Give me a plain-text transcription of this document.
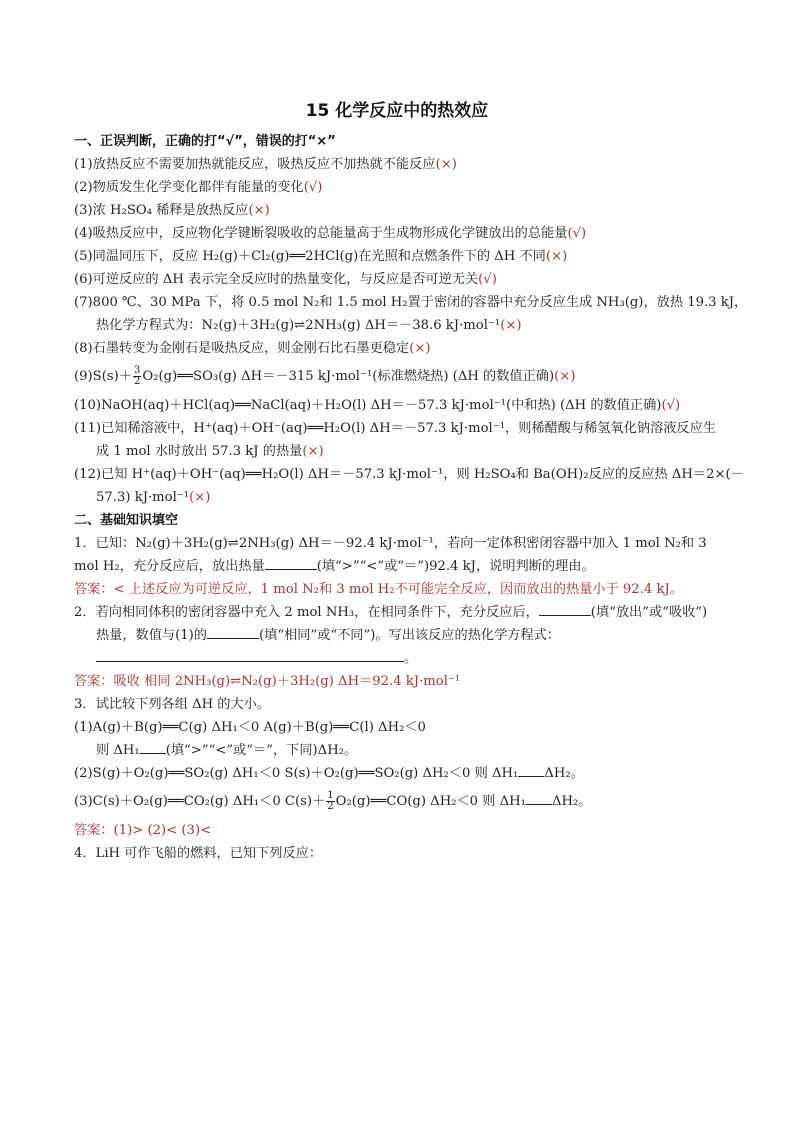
15 化学反应中的热效应
一、正误判断，正确的打“√”，错误的打“×”
(1)放热反应不需要加热就能反应，吸热反应不加热就不能反应(×)
(2)物质发生化学变化都伴有能量的变化(√)
(3)浓 H₂SO₄ 稀释是放热反应(×)
(4)吸热反应中，反应物化学键断裂吸收的总能量高于生成物形成化学键放出的总能量(√)
(5)同温同压下，反应 H₂(g)＋Cl₂(g)══2HCl(g)在光照和点燃条件下的 ΔH 不同(×)
(6)可逆反应的 ΔH 表示完全反应时的热量变化，与反应是否可逆无关(√)
(7)800 ℃、30 MPa 下，将 0.5 mol N₂和 1.5 mol H₂置于密闭的容器中充分反应生成 NH₃(g)，放热 19.3 kJ，
热化学方程式为：N₂(g)＋3H₂(g)⇌2NH₃(g) ΔH＝－38.6 kJ·mol⁻¹(×)
(8)石墨转变为金刚石是吸热反应，则金刚石比石墨更稳定(×)
$(9)S(s)+ \frac{3}{2}$ O₂(g)══SO₃(g) ΔH＝－315 kJ·mol⁻¹(标准燃烧热) (ΔH 的数值正确)(×)
(10)NaOH(aq)＋HCl(aq)══NaCl(aq)＋H₂O(l) ΔH＝－57.3 kJ·mol⁻¹(中和热) (ΔH 的数值正确)(√)
(11)已知稀溶液中，H⁺(aq)＋OH⁻(aq)══H₂O(l) ΔH＝－57.3 kJ·mol⁻¹，则稀醋酸与稀氢氧化钠溶液反应生
成 1 mol 水时放出 57.3 kJ 的热量(×)
(12)已知 H⁺(aq)＋OH⁻(aq)══H₂O(l) ΔH＝－57.3 kJ·mol⁻¹，则 H₂SO₄和 Ba(OH)₂反应的反应热 ΔH＝2×(－
57.3) kJ·mol⁻¹(×)
二、基础知识填空
1．已知：N₂(g)＋3H₂(g)⇌2NH₃(g) ΔH＝－92.4 kJ·mol⁻¹，若向一定体积密闭容器中加入 1 mol N₂和 3
mol H₂，充分反应后，放出热量	(填“>”“<”或“＝”)92.4 kJ，说明判断的理由。
答案：< 上述反应为可逆反应，1 mol N₂和 3 mol H₂不可能完全反应，因而放出的热量小于 92.4 kJ。
2．若向相同体积的密闭容器中充入 2 mol NH₃，在相同条件下，充分反应后，	(填“放出”或“吸收”)
热量，数值与(1)的	(填“相同”或“不同”)。写出该反应的热化学方程式：
。
答案：吸收 相同 2NH₃(g)⇌N₂(g)＋3H₂(g) ΔH＝92.4 kJ·mol⁻¹
3．试比较下列各组 ΔH 的大小。
(1)A(g)＋B(g)══C(g) ΔH₁＜0 A(g)＋B(g)══C(l) ΔH₂＜0
则 ΔH₁ (填“>”“<”或“＝”，下同)ΔH₂。
(2)S(g)＋O₂(g)══SO₂(g) ΔH₁＜0 S(s)＋O₂(g)══SO₂(g) ΔH₂＜0 则 ΔH₁ ΔH₂。
(3)C(s)＋O₂(g)══CO₂(g) ΔH₁＜0 $C(s)+ \frac{1}{2}$ O₂(g)══CO(g) ΔH₂＜0 则 ΔH₁ ΔH₂。
答案：(1)> (2)< (3)<
4．LiH 可作飞船的燃料，已知下列反应：
